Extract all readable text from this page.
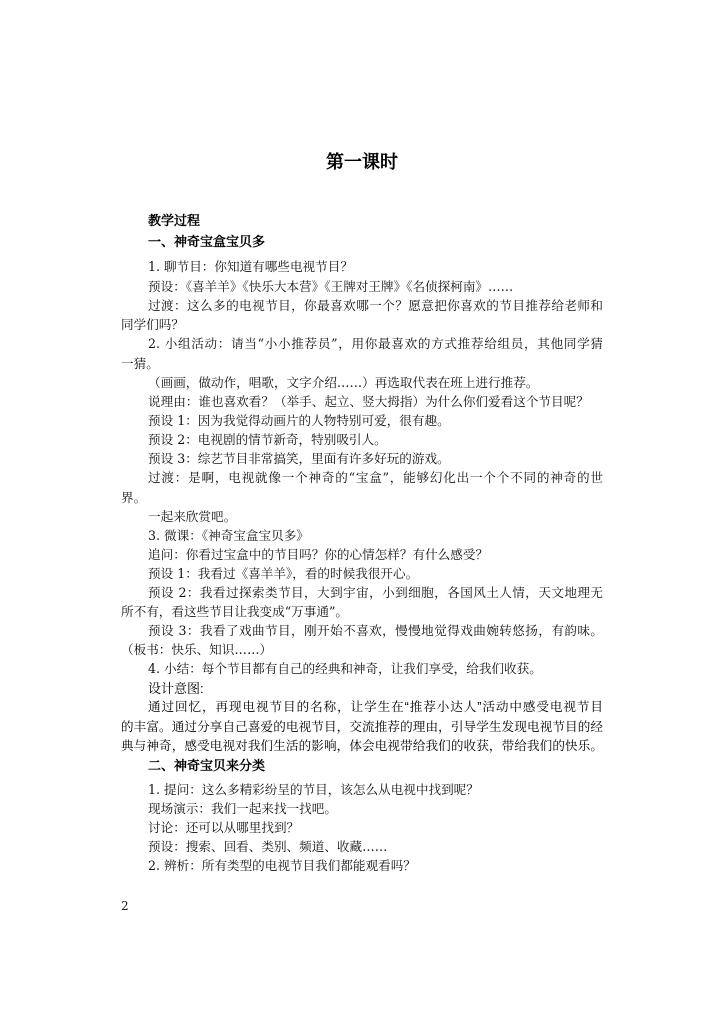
第一课时
教学过程
一、神奇宝盒宝贝多
1. 聊节目：你知道有哪些电视节目？
预设：《喜羊羊》《快乐大本营》《王牌对王牌》《名侦探柯南》……
过渡：这么多的电视节目，你最喜欢哪一个？愿意把你喜欢的节目推荐给老师和
同学们吗？
2. 小组活动：请当“小小推荐员”，用你最喜欢的方式推荐给组员，其他同学猜
一猜。
（画画，做动作，唱歌，文字介绍……）再选取代表在班上进行推荐。
说理由：谁也喜欢看？（举手、起立、竖大拇指）为什么你们爱看这个节目呢？
预设 1：因为我觉得动画片的人物特别可爱，很有趣。
预设 2：电视剧的情节新奇，特别吸引人。
预设 3：综艺节目非常搞笑，里面有许多好玩的游戏。
过渡：是啊，电视就像一个神奇的“宝盒”，能够幻化出一个个不同的神奇的世
界。
一起来欣赏吧。
3. 微课：《神奇宝盒宝贝多》
追问：你看过宝盒中的节目吗？你的心情怎样？有什么感受？
预设 1：我看过《喜羊羊》，看的时候我很开心。
预设 2：我看过探索类节目，大到宇宙，小到细胞，各国风土人情，天文地理无
所不有，看这些节目让我变成“万事通”。
预设 3：我看了戏曲节目，刚开始不喜欢，慢慢地觉得戏曲婉转悠扬，有韵味。
（板书：快乐、知识……）
4. 小结：每个节目都有自己的经典和神奇，让我们享受，给我们收获。
设计意图:
通过回忆，再现电视节目的名称，让学生在“推荐小达人”活动中感受电视节目
的丰富。通过分享自己喜爱的电视节目，交流推荐的理由，引导学生发现电视节目的经
典与神奇，感受电视对我们生活的影响，体会电视带给我们的收获，带给我们的快乐。
二、神奇宝贝来分类
1. 提问：这么多精彩纷呈的节目，该怎么从电视中找到呢？
现场演示：我们一起来找一找吧。
讨论：还可以从哪里找到？
预设：搜索、回看、类别、频道、收藏……
2. 辨析：所有类型的电视节目我们都能观看吗？
2
